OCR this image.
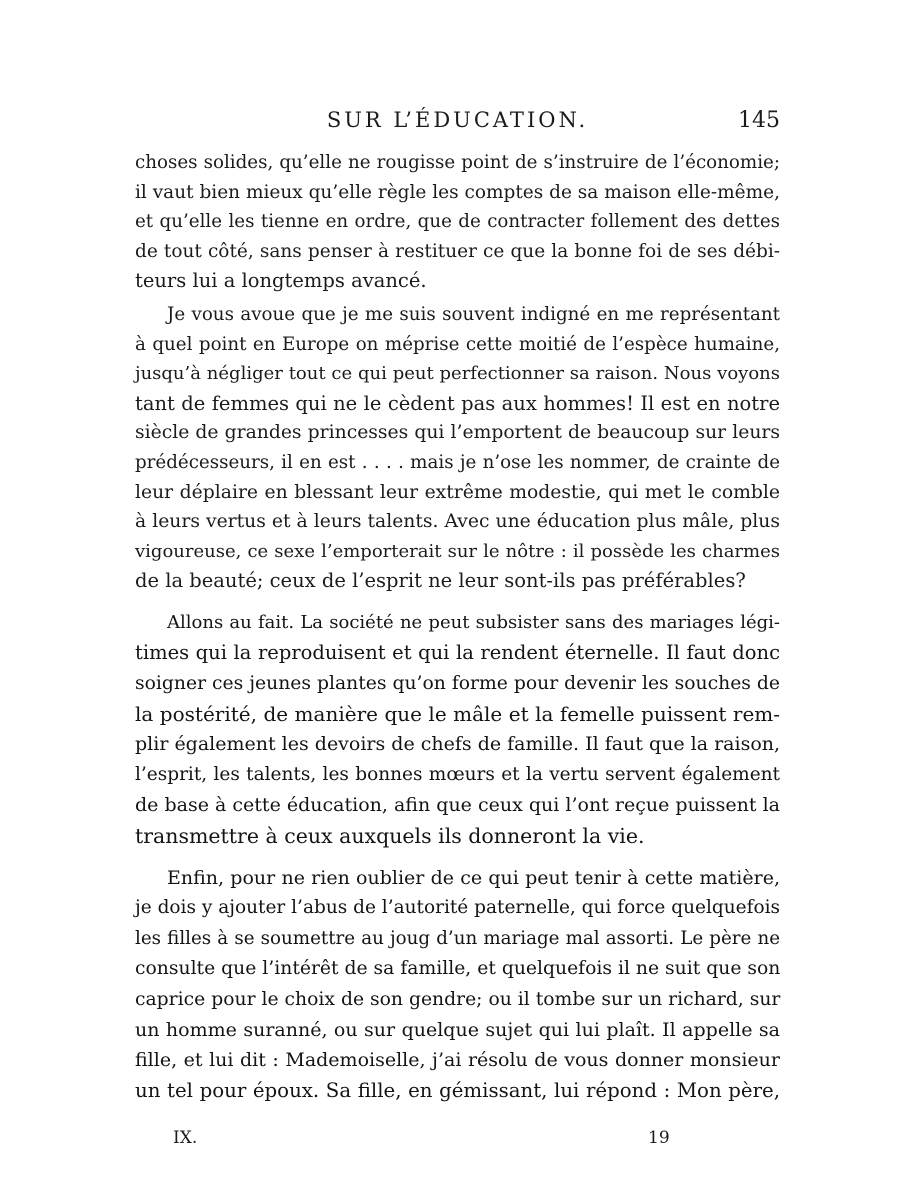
SUR L’ÉDUCATION.	145
choses solides, qu’elle ne rougisse point de s’instruire de l’économie;
il vaut bien mieux qu’elle règle les comptes de sa maison elle-même,
et qu’elle les tienne en ordre, que de contracter follement des dettes
de tout côté, sans penser à restituer ce que la bonne foi de ses débi-
teurs lui a longtemps avancé.
Je vous avoue que je me suis souvent indigné en me représentant
à quel point en Europe on méprise cette moitié de l’espèce humaine,
jusqu’à négliger tout ce qui peut perfectionner sa raison. Nous voyons
tant de femmes qui ne le cèdent pas aux hommes! Il est en notre
siècle de grandes princesses qui l’emportent de beaucoup sur leurs
prédécesseurs, il en est . . . . mais je n’ose les nommer, de crainte de
leur déplaire en blessant leur extrême modestie, qui met le comble
à leurs vertus et à leurs talents. Avec une éducation plus mâle, plus
vigoureuse, ce sexe l’emporterait sur le nôtre : il possède les charmes
de la beauté; ceux de l’esprit ne leur sont-ils pas préférables?
Allons au fait. La société ne peut subsister sans des mariages légi-
times qui la reproduisent et qui la rendent éternelle. Il faut donc
soigner ces jeunes plantes qu’on forme pour devenir les souches de
la postérité, de manière que le mâle et la femelle puissent rem-
plir également les devoirs de chefs de famille. Il faut que la raison,
l’esprit, les talents, les bonnes mœurs et la vertu servent également
de base à cette éducation, afin que ceux qui l’ont reçue puissent la
transmettre à ceux auxquels ils donneront la vie.
Enfin, pour ne rien oublier de ce qui peut tenir à cette matière,
je dois y ajouter l’abus de l’autorité paternelle, qui force quelquefois
les filles à se soumettre au joug d’un mariage mal assorti. Le père ne
consulte que l’intérêt de sa famille, et quelquefois il ne suit que son
caprice pour le choix de son gendre; ou il tombe sur un richard, sur
un homme suranné, ou sur quelque sujet qui lui plaît. Il appelle sa
fille, et lui dit : Mademoiselle, j’ai résolu de vous donner monsieur
un tel pour époux. Sa fille, en gémissant, lui répond : Mon père,
IX.	19
